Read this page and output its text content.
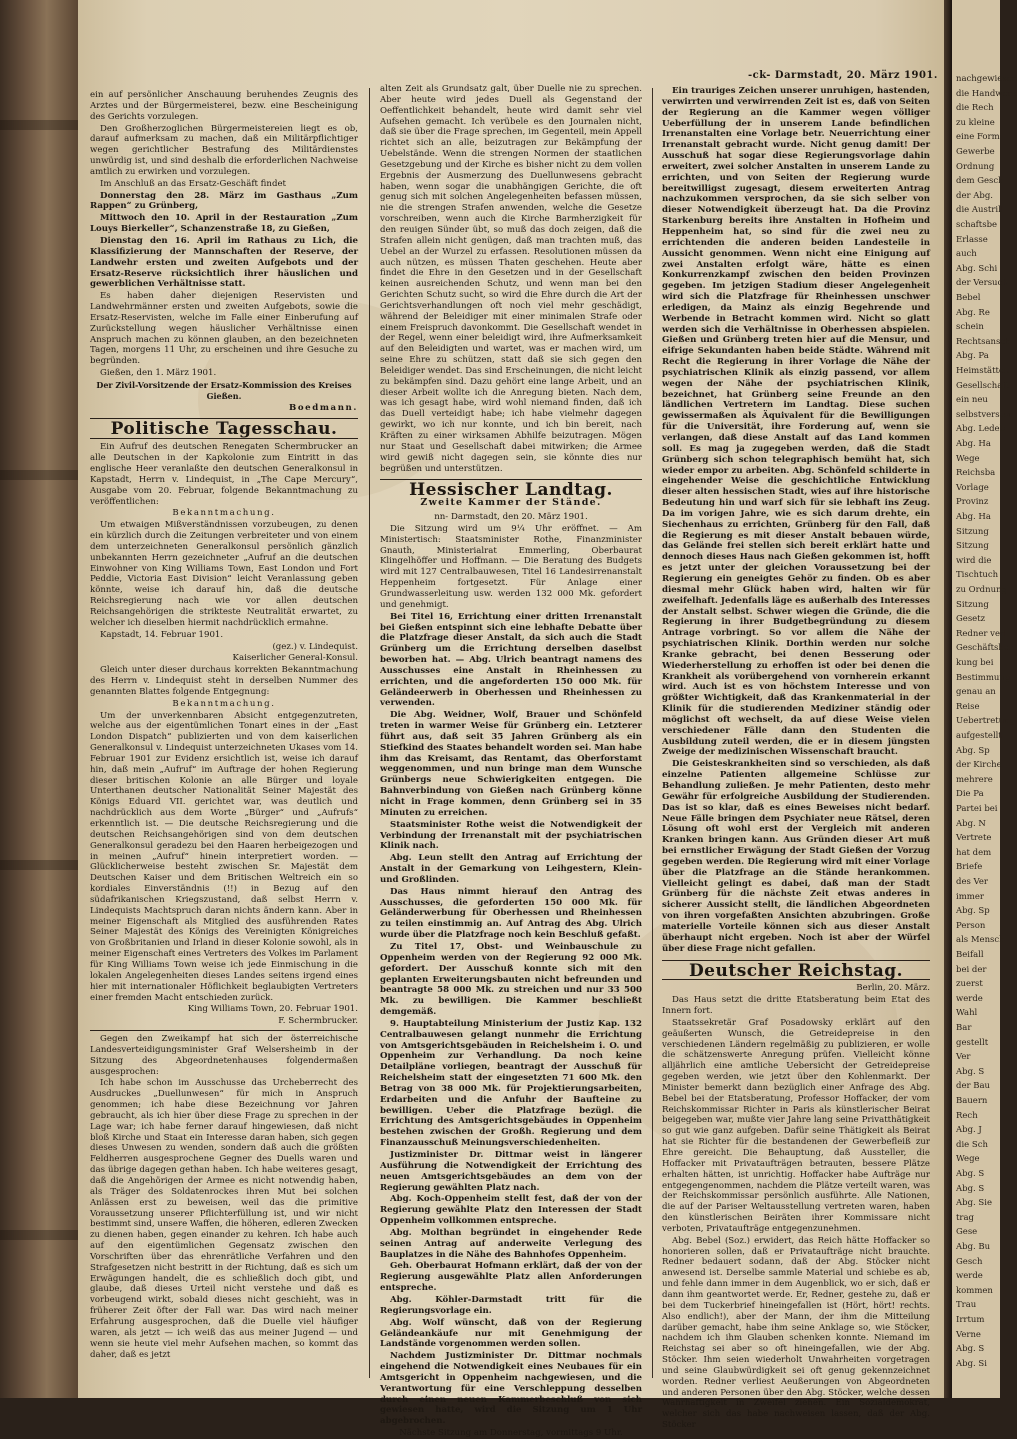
-ck- Darmstadt, 20. März 1901.

ein auf persönlicher Anschauung beruhendes Zeugnis des Arztes und der Bürgermeisterei, bezw. eine Bescheinigung des Gerichts vorzulegen.

Den Großherzoglichen Bürgermeistereien liegt es ob, darauf aufmerksam zu machen, daß ein Militärpflichtiger wegen gerichtlicher Bestrafung des Militärdienstes unwürdig ist, und sind deshalb die erforderlichen Nachweise amtlich zu erwirken und vorzulegen.

Im Anschluß an das Ersatz-Geschäft findet

Donnerstag den 28. März im Gasthaus „Zum Rappen“ zu Grünberg,

Mittwoch den 10. April in der Restauration „Zum Louys Bierkeller“, Schanzenstraße 18, zu Gießen,

Dienstag den 16. April im Rathaus zu Lich, die Klassifizierung der Mannschaften der Reserve, der Landwehr ersten und zweiten Aufgebots und der Ersatz-Reserve rücksichtlich ihrer häuslichen und gewerblichen Verhältnisse statt.

Es haben daher diejenigen Reservisten und Landwehrmänner ersten und zweiten Aufgebots, sowie die Ersatz-Reservisten, welche im Falle einer Einberufung auf Zurückstellung wegen häuslicher Verhältnisse einen Anspruch machen zu können glauben, an den bezeichneten Tagen, morgens 11 Uhr, zu erscheinen und ihre Gesuche zu begründen.

Gießen, den 1. März 1901.

Der Zivil-Vorsitzende der Ersatz-Kommission des Kreises Gießen.

Boedmann.

Politische Tagesschau.

Ein Aufruf des deutschen Renegaten Schermbrucker an alle Deutschen in der Kapkolonie zum Eintritt in das englische Heer veranlaßte den deutschen Generalkonsul in Kapstadt, Herrn v. Lindequist, in „The Cape Mercury“, Ausgabe vom 20. Februar, folgende Bekanntmachung zu veröffentlichen:

Bekanntmachung.

Um etwaigen Mißverständnissen vorzubeugen, zu denen ein kürzlich durch die Zeitungen verbreiteter und von einem dem unterzeichneten Generalkonsul persönlich gänzlich unbekannten Herrn gezeichneter „Aufruf an die deutschen Einwohner von King Williams Town, East London und Fort Peddie, Victoria East Division“ leicht Veranlassung geben könnte, weise ich darauf hin, daß die deutsche Reichsregierung nach wie vor allen deutschen Reichsangehörigen die strikteste Neutralität erwartet, zu welcher ich dieselben hiermit nachdrücklich ermahne.

Kapstadt, 14. Februar 1901.

(gez.) v. Lindequist.

Kaiserlicher General-Konsul.

Gleich unter dieser durchaus korrekten Bekanntmachung des Herrn v. Lindequist steht in derselben Nummer des genannten Blattes folgende Entgegnung:

Bekanntmachung.

Um der unverkennbaren Absicht entgegenzutreten, welche aus der eigentümlichen Tonart eines in der „East London Dispatch“ publizierten und von dem kaiserlichen Generalkonsul v. Lindequist unterzeichneten Ukases vom 14. Februar 1901 zur Evidenz ersichtlich ist, weise ich darauf hin, daß mein „Aufruf“ im Auftrage der hohen Regierung dieser britischen Kolonie an alle Bürger und loyale Unterthanen deutscher Nationalität Seiner Majestät des Königs Eduard VII. gerichtet war, was deutlich und nachdrücklich aus dem Worte „Bürger“ und „Aufrufs“ erkenntlich ist. — Die deutsche Reichsregierung und die deutschen Reichsangehörigen sind von dem deutschen Generalkonsul geradezu bei den Haaren herbeigezogen und in meinen „Aufruf“ hinein interpretiert worden. — Glücklicherweise besteht zwischen Sr. Majestät dem Deutschen Kaiser und dem Britischen Weltreich ein so kordiales Einverständnis (!!) in Bezug auf den südafrikanischen Kriegszustand, daß selbst Herrn v. Lindequists Machtspruch daran nichts ändern kann. Aber in meiner Eigenschaft als Mitglied des ausführenden Rates Seiner Majestät des Königs des Vereinigten Königreiches von Großbritanien und Irland in dieser Kolonie sowohl, als in meiner Eigenschaft eines Vertreters des Volkes im Parlament für King Williams Town weise ich jede Einmischung in die lokalen Angelegenheiten dieses Landes seitens irgend eines hier mit internationaler Höflichkeit beglaubigten Vertreters einer fremden Macht entschieden zurück.

King Williams Town, 20. Februar 1901.

F. Schermbrucker.

Gegen den Zweikampf hat sich der österreichische Landesverteidigungsminister Graf Welsersheimb in der Sitzung des Abgeordnetenhauses folgendermaßen ausgesprochen:

Ich habe schon im Ausschusse das Urcheberrecht des Ausdruckes „Duellunwesen“ für mich in Anspruch genommen; ich habe diese Bezeichnung vor Jahren gebraucht, als ich hier über diese Frage zu sprechen in der Lage war; ich habe ferner darauf hingewiesen, daß nicht bloß Kirche und Staat ein Interesse daran haben, sich gegen dieses Unwesen zu wenden, sondern daß auch die größten Feldherren ausgesprochene Gegner des Duells waren und das übrige dagegen gethan haben. Ich habe weiteres gesagt, daß die Angehörigen der Armee es nicht notwendig haben, als Träger des Soldatenrockes ihren Mut bei solchen Anlässen erst zu beweisen, weil das die primitive Voraussetzung unserer Pflichterfüllung ist, und wir nicht bestimmt sind, unsere Waffen, die höheren, edleren Zwecken zu dienen haben, gegen einander zu kehren. Ich habe auch auf den eigentümlichen Gegensatz zwischen den Vorschriften über das ehrenrätliche Verfahren und den Strafgesetzen nicht bestritt in der Richtung, daß es sich um Erwägungen handelt, die es schließlich doch gibt, und glaube, daß dieses Urteil nicht verstehe und daß es vorbeugend wirkt, sobald dieses nicht geschieht, was in früherer Zeit öfter der Fall war. Das wird nach meiner Erfahrung ausgesprochen, daß die Duelle viel häufiger waren, als jetzt — ich weiß das aus meiner Jugend — und wenn sie heute viel mehr Aufsehen machen, so kommt das daher, daß es jetzt

alten Zeit als Grundsatz galt, über Duelle nie zu sprechen. Aber heute wird jedes Duell als Gegenstand der Oeffentlichkeit behandelt, heute wird damit sehr viel Aufsehen gemacht. Ich verübele es den Journalen nicht, daß sie über die Frage sprechen, im Gegenteil, mein Appell richtet sich an alle, beizutragen zur Bekämpfung der Uebelstände. Wenn die strengen Normen der staatlichen Gesetzgebung und der Kirche es bisher nicht zu dem vollen Ergebnis der Ausmerzung des Duellunwesens gebracht haben, wenn sogar die unabhängigen Gerichte, die oft genug sich mit solchen Angelegenheiten befassen müssen, nie die strengen Strafen anwenden, welche die Gesetze vorschreiben, wenn auch die Kirche Barmherzigkeit für den reuigen Sünder übt, so muß das doch zeigen, daß die Strafen allein nicht genügen, daß man trachten muß, das Uebel an der Wurzel zu erfassen. Resolutionen müssen da auch nützen, es müssen Thaten geschehen. Heute aber findet die Ehre in den Gesetzen und in der Gesellschaft keinen ausreichenden Schutz, und wenn man bei den Gerichten Schutz sucht, so wird die Ehre durch die Art der Gerichtsverhandlungen oft noch viel mehr geschädigt, während der Beleidiger mit einer minimalen Strafe oder einem Freispruch davonkommt. Die Gesellschaft wendet in der Regel, wenn einer beleidigt wird, ihre Aufmerksamkeit auf den Beleidigten und wartet, was er machen wird, um seine Ehre zu schützen, statt daß sie sich gegen den Beleidiger wendet. Das sind Erscheinungen, die nicht leicht zu bekämpfen sind. Dazu gehört eine lange Arbeit, und an dieser Arbeit wollte ich die Anregung bieten. Nach dem, was ich gesagt habe, wird wohl niemand finden, daß ich das Duell verteidigt habe; ich habe vielmehr dagegen gewirkt, wo ich nur konnte, und ich bin bereit, nach Kräften zu einer wirksamen Abhilfe beizutragen. Mögen nur Staat und Gesellschaft dabei mitwirken; die Armee wird gewiß nicht dagegen sein, sie könnte dies nur begrüßen und unterstützen.

Hessischer Landtag.
Zweite Kammer der Stände.

nn- Darmstadt, den 20. März 1901.

Die Sitzung wird um 9¼ Uhr eröffnet. — Am Ministertisch: Staatsminister Rothe, Finanzminister Gnauth, Ministerialrat Emmerling, Oberbaurat Klingelhöffer und Hoffmann. — Die Beratung des Budgets wird mit 127 Centralbauwesen, Titel 16 Landesirrenanstalt Heppenheim fortgesetzt. Für Anlage einer Grundwasserleitung usw. werden 132 000 Mk. gefordert und genehmigt.

Bei Titel 16, Errichtung einer dritten Irrenanstalt bei Gießen entspinnt sich eine lebhafte Debatte über die Platzfrage dieser Anstalt, da sich auch die Stadt Grünberg um die Errichtung derselben daselbst beworben hat. — Abg. Ulrich beantragt namens des Ausschusses eine Anstalt in Rheinhessen zu errichten, und die angeforderten 150 000 Mk. für Geländeerwerb in Oberhessen und Rheinhessen zu verwenden.

Die Abg. Weidner, Wolf, Brauer und Schönfeld treten in warmer Weise für Grünberg ein. Letzterer führt aus, daß seit 35 Jahren Grünberg als ein Stiefkind des Staates behandelt worden sei. Man habe ihm das Kreisamt, das Rentamt, das Oberforstamt weggenommen, und nun bringe man dem Wunsche Grünbergs neue Schwierigkeiten entgegen. Die Bahnverbindung von Gießen nach Grünberg könne nicht in Frage kommen, denn Grünberg sei in 35 Minuten zu erreichen.

Staatsminister Rothe weist die Notwendigkeit der Verbindung der Irrenanstalt mit der psychiatrischen Klinik nach.

Abg. Leun stellt den Antrag auf Errichtung der Anstalt in der Gemarkung von Leihgestern, Klein- und Großlinden.

Das Haus nimmt hierauf den Antrag des Ausschusses, die geforderten 150 000 Mk. für Geländerwerbung für Oberhessen und Rheinhessen zu teilen einstimmig an. Auf Antrag des Abg. Ulrich wurde über die Platzfrage noch kein Beschluß gefaßt.

Zu Titel 17, Obst- und Weinbauschule zu Oppenheim werden von der Regierung 92 000 Mk. gefordert. Der Ausschuß konnte sich mit den geplanten Erweiterungsbauten nicht befreunden und beantragte 58 000 Mk. zu streichen und nur 33 500 Mk. zu bewilligen. Die Kammer beschließt demgemäß.

9. Hauptabteilung Ministerium der Justiz Kap. 132 Centralbauwesen gelangt nunmehr die Errichtung von Amtsgerichtsgebäuden in Reichelsheim i. O. und Oppenheim zur Verhandlung. Da noch keine Detailpläne vorliegen, beantragt der Ausschuß für Reichelsheim statt der eingesetzten 71 600 Mk. den Betrag von 38 000 Mk. für Projektierungsarbeiten, Erdarbeiten und die Anfuhr der Baufteine zu bewilligen. Ueber die Platzfrage bezügl. die Errichtung des Amtsgerichtsgebäudes in Oppenheim bestehen zwischen der Großh. Regierung und dem Finanzausschuß Meinungsverschiedenheiten.

Justizminister Dr. Dittmar weist in längerer Ausführung die Notwendigkeit der Errichtung des neuen Amtsgerichtsgebäudes an dem von der Regierung gewählten Platz nach.

Abg. Koch-Oppenheim stellt fest, daß der von der Regierung gewählte Platz den Interessen der Stadt Oppenheim vollkommen entspreche.

Abg. Molthan begründet in eingehender Rede seinen Antrag auf anderweite Verlegung des Bauplatzes in die Nähe des Bahnhofes Oppenheim.

Geh. Oberbaurat Hofmann erklärt, daß der von der Regierung ausgewählte Platz allen Anforderungen entspreche.

Abg. Köhler-Darmstadt tritt für die Regierungsvorlage ein.

Abg. Wolf wünscht, daß von der Regierung Geländeankäufe nur mit Genehmigung der Landstände vorgenommen werden sollen.

Nachdem Justizminister Dr. Dittmar nochmals eingehend die Notwendigkeit eines Neubaues für ein Amtsgericht in Oppenheim nachgewiesen, und die Verantwortung für eine Verschleppung desselben durch einen neuen Kammerbeschluß von sich gewiesen hatte, wird die Sitzung um 1 Uhr abgebrochen.

Nächste Sitzung am Donnerstag, vormittags 9 Uhr.

Ein trauriges Zeichen unserer unruhigen, hastenden, verwirrten und verwirrenden Zeit ist es, daß von Seiten der Regierung an die Kammer wegen völliger Ueberfüllung der in unserem Lande befindlichen Irrenanstalten eine Vorlage betr. Neuerrichtung einer Irrenanstalt gebracht wurde. Nicht genug damit! Der Ausschuß hat sogar diese Regierungsvorlage dahin erweitert, zwei solcher Anstalten in unserem Lande zu errichten, und von Seiten der Regierung wurde bereitwilligst zugesagt, diesem erweiterten Antrag nachzukommen versprochen, da sie sich selber von dieser Notwendigkeit überzeugt hat. Da die Provinz Starkenburg bereits ihre Anstalten in Hofheim und Heppenheim hat, so sind für die zwei neu zu errichtenden die anderen beiden Landesteile in Aussicht genommen. Wenn nicht eine Einigung auf zwei Anstalten erfolgt wäre, hätte es einen Konkurrenzkampf zwischen den beiden Provinzen gegeben. Im jetzigen Stadium dieser Angelegenheit wird sich die Platzfrage für Rheinhessen unschwer erledigen, da Mainz als einzig Begehrende und Werbende in Betracht kommen wird. Nicht so glatt werden sich die Verhältnisse in Oberhessen abspielen. Gießen und Grünberg treten hier auf die Mensur, und eifrige Sekundanten haben beide Städte. Während mit Recht die Regierung in ihrer Vorlage die Nähe der psychiatrischen Klinik als einzig passend, vor allem wegen der Nähe der psychiatrischen Klinik, bezeichnet, hat Grünberg seine Freunde an den ländlichen Vertretern im Landtag. Diese suchen gewissermaßen als Äquivalent für die Bewilligungen für die Universität, ihre Forderung auf, wenn sie verlangen, daß diese Anstalt auf das Land kommen soll. Es mag ja zugegeben werden, daß die Stadt Grünberg sich schon telegraphisch bemüht hat, sich wieder empor zu arbeiten. Abg. Schönfeld schilderte in eingehender Weise die geschichtliche Entwicklung dieser alten hessischen Stadt, wies auf ihre historische Bedeutung hin und warf sich für sie lebhaft ins Zeug. Da im vorigen Jahre, wie es sich darum drehte, ein Siechenhaus zu errichten, Grünberg für den Fall, daß die Regierung es mit dieser Anstalt bebauen würde, das Gelände frei stellen sich bereit erklärt hatte und dennoch dieses Haus nach Gießen gekommen ist, hofft es jetzt unter der gleichen Voraussetzung bei der Regierung ein geneigtes Gehör zu finden. Ob es aber diesmal mehr Glück haben wird, halten wir für zweifelhaft. Jedenfalls läge es außerhalb des Interesses der Anstalt selbst. Schwer wiegen die Gründe, die die Regierung in ihrer Budgetbegründung zu diesem Antrage vorbringt. So vor allem die Nähe der psychiatrischen Klinik. Dorthin werden nur solche Kranke gebracht, bei denen Besserung oder Wiederherstellung zu erhoffen ist oder bei denen die Krankheit als vorübergehend von vornherein erkannt wird. Auch ist es von höchstem Interesse und von größter Wichtigkeit, daß das Krankenmaterial in der Klinik für die studierenden Mediziner ständig oder möglichst oft wechselt, da auf diese Weise vielen verschiedener Fälle dann den Studenten die Ausbildung zuteil werden, die er in diesem jüngsten Zweige der medizinischen Wissenschaft braucht.

Die Geisteskrankheiten sind so verschieden, als daß einzelne Patienten allgemeine Schlüsse zur Behandlung zuließen. Je mehr Patienten, desto mehr Gewähr für erfolgreiche Ausbildung der Studierenden. Das ist so klar, daß es eines Beweises nicht bedarf. Neue Fälle bringen dem Psychiater neue Rätsel, deren Lösung oft wohl erst der Vergleich mit anderen Kranken bringen kann. Aus Gründen dieser Art muß bei ernstlicher Erwägung der Stadt Gießen der Vorzug gegeben werden. Die Regierung wird mit einer Vorlage über die Platzfrage an die Stände herankommen. Vielleicht gelingt es dabei, daß man der Stadt Grünberg für die nächste Zeit etwas anderes in sicherer Aussicht stellt, die ländlichen Abgeordneten von ihren vorgefaßten Ansichten abzubringen. Große materielle Vorteile können sich aus dieser Anstalt überhaupt nicht ergeben. Noch ist aber der Würfel über diese Frage nicht gefallen.

Deutscher Reichstag.

Berlin, 20. März.

Das Haus setzt die dritte Etatsberatung beim Etat des Innern fort.

Staatssekretär Graf Posadowsky erklärt auf den geäußerten Wunsch, die Getreidepreise in den verschiedenen Ländern regelmäßig zu publizieren, er wolle die schätzenswerte Anregung prüfen. Vielleicht könne alljährlich eine amtliche Uebersicht der Getreidepreise gegeben werden, wie jetzt über den Kohlenmarkt. Der Minister bemerkt dann bezüglich einer Anfrage des Abg. Bebel bei der Etatsberatung, Professor Hoffacker, der vom Reichskommissar Richter in Paris als künstlerischer Beirat beigegeben war, mußte vier Jahre lang seine Privatthätigkeit so gut wie ganz aufgeben. Dafür seine Thätigkeit als Beirat hat sie Richter für die bestandenen der Gewerbefleiß zur Ehre gereicht. Die Behauptung, daß Aussteller, die Hoffacker mit Privataufträgen betrauten, bessere Plätze erhalten hätten, ist unrichtig. Hoffacker habe Aufträge nur entgegengenommen, nachdem die Plätze verteilt waren, was der Reichskommissar persönlich ausführte. Alle Nationen, die auf der Pariser Weltausstellung vertreten waren, haben den künstlerischen Beiräten ihrer Kommissare nicht verboten, Privataufträge entgegenzunehmen.

Abg. Bebel (Soz.) erwidert, das Reich hätte Hoffacker so honorieren sollen, daß er Privataufträge nicht brauchte. Redner bedauert sodann, daß der Abg. Stöcker nicht anwesend ist. Derselbe sammle Material und schiebe es ab, und fehle dann immer in dem Augenblick, wo er sich, daß er dann ihm geantwortet werde. Er, Redner, gestehe zu, daß er bei dem Tuckerbrief hineingefallen ist (Hört, hört! rechts. Also endlich!), aber der Mann, der ihm die Mitteilung darüber gemacht, habe ihm seine Anklage so, wie Stöcker, nachdem ich ihm Glauben schenken konnte. Niemand im Reichstag sei aber so oft hineingefallen, wie der Abg. Stöcker. Ihm seien wiederholt Unwahrheiten vorgetragen und seine Glaubwürdigkeit sei oft genug gekennzeichnet worden. Redner verliest Aeußerungen von Abgeordneten und anderen Personen über den Abg. Stöcker, welche dessen Wahrhaftigkeit in Zweifel ziehen. Ein Sozialdemokrat, welcher sich das habe nachweisen lassen, daß der Abg. Stöcker

nachgewiesen
die Handwerk
die Rech
zu kleine
eine Form
Gewerbe
Ordnung
dem Gesch
der Abg.
die Austrill
schaftsbe
Erlasse
auch
Abg. Schi
der Versuch
Bebel
Abg. Re
schein
Rechtsansch
Abg. Pa
Heimstätten
Gesellschaft
ein neu
selbstverstan
Abg. Ledeb
Abg. Ha
Wege
Reichsba
Vorlage
Provinz
Abg. Ha
Sitzung
Sitzung
wird die
Tischtuch
zu Ordnung
Sitzung
Gesetz
Redner verl
Geschäftsber
kung bei
Bestimmung
genau an
Reise
Uebertretung
aufgestellt
Abg. Sp
der Kirche
mehrere
Die Pa
Partei bei
Abg. N
Vertrete
hat dem
Briefe
des Ver
immer
Abg. Sp
Person
als Mensch
Beifall
bei der
zuerst
werde
Wahl
Bar
gestellt
Ver
Abg. S
der Bau
Bauern
Rech
Abg. J
die Sch
Wege
Abg. S
Abg. S
Abg. Sie
trag
Gese
Abg. Bu
Gesch
werde
kommen
Trau
Irrtum
Verne
Abg. S
Abg. Si
